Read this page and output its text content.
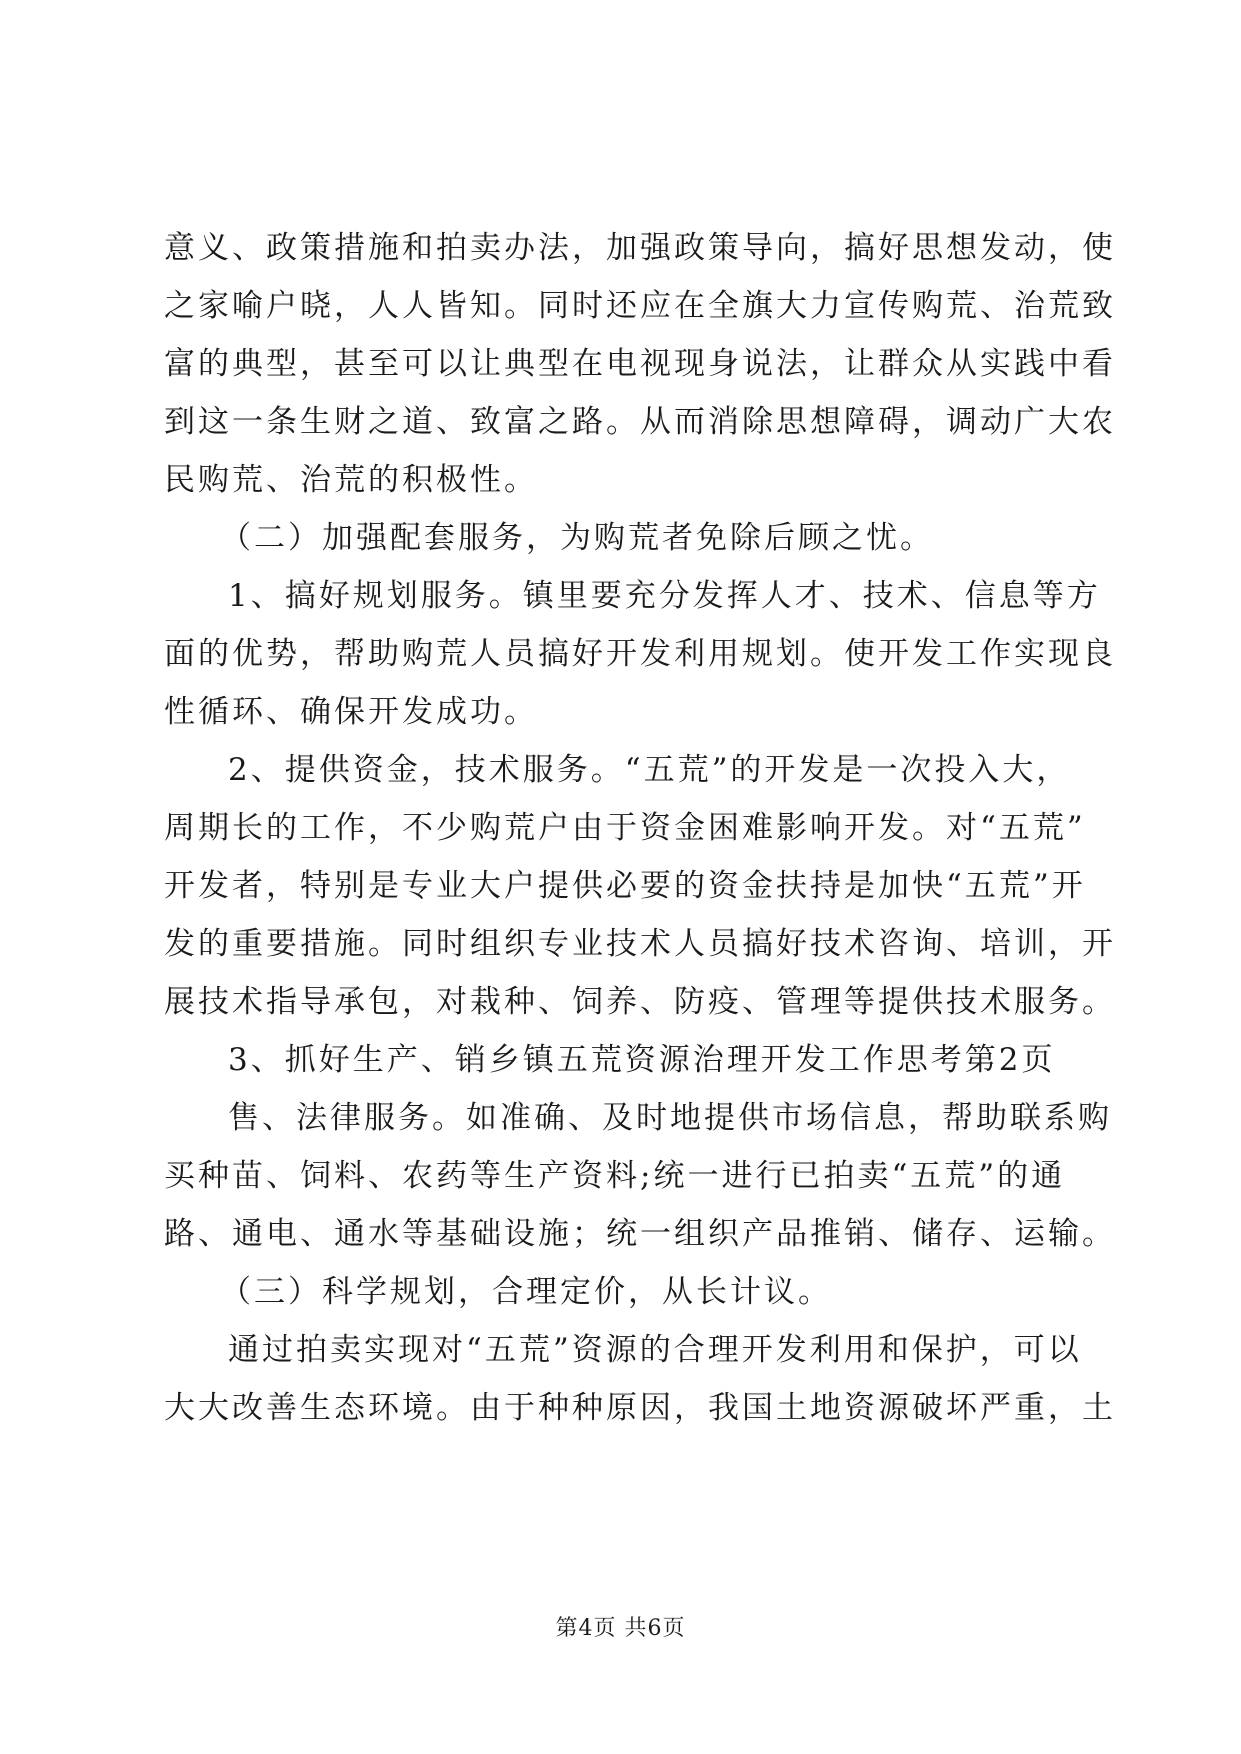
意义、政策措施和拍卖办法，加强政策导向，搞好思想发动，使
之家喻户晓，人人皆知。同时还应在全旗大力宣传购荒、治荒致
富的典型，甚至可以让典型在电视现身说法，让群众从实践中看
到这一条生财之道、致富之路。从而消除思想障碍，调动广大农
民购荒、治荒的积极性。
（二）加强配套服务，为购荒者免除后顾之忧。
1、搞好规划服务。镇里要充分发挥人才、技术、信息等方
面的优势，帮助购荒人员搞好开发利用规划。使开发工作实现良
性循环、确保开发成功。
2、提供资金，技术服务。“五荒”的开发是一次投入大，
周期长的工作，不少购荒户由于资金困难影响开发。对“五荒”
开发者，特别是专业大户提供必要的资金扶持是加快“五荒”开
发的重要措施。同时组织专业技术人员搞好技术咨询、培训，开
展技术指导承包，对栽种、饲养、防疫、管理等提供技术服务。
3、抓好生产、销乡镇五荒资源治理开发工作思考第2页
售、法律服务。如准确、及时地提供市场信息，帮助联系购
买种苗、饲料、农药等生产资料;统一进行已拍卖“五荒”的通
路、通电、通水等基础设施；统一组织产品推销、储存、运输。
（三）科学规划，合理定价，从长计议。
通过拍卖实现对“五荒”资源的合理开发利用和保护，可以
大大改善生态环境。由于种种原因，我国土地资源破坏严重，土
第4页 共6页
